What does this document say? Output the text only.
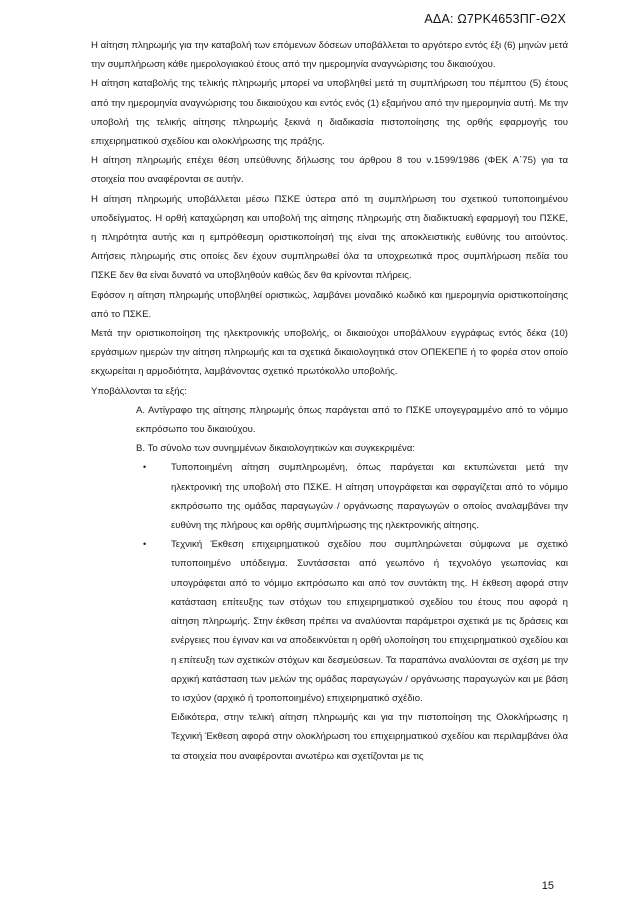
ΑΔΑ: Ω7ΡΚ4653ΠΓ-Θ2Χ

Η αίτηση πληρωμής για την καταβολή των επόμενων δόσεων υποβάλλεται το αργότερο εντός έξι (6) μηνών μετά την συμπλήρωση κάθε ημερολογιακού έτους από την ημερομηνία αναγνώρισης του δικαιούχου.

Η αίτηση καταβολής της τελικής πληρωμής μπορεί να υποβληθεί μετά τη συμπλήρωση του πέμπτου (5) έτους από την ημερομηνία αναγνώρισης του δικαιούχου και εντός ενός (1) εξαμήνου από την ημερομηνία αυτή. Με την υποβολή της τελικής αίτησης πληρωμής ξεκινά η διαδικασία πιστοποίησης της ορθής εφαρμογής του επιχειρηματικού σχεδίου και ολοκλήρωσης της πράξης.

Η αίτηση πληρωμής επέχει θέση υπεύθυνης δήλωσης του άρθρου 8 του ν.1599/1986 (ΦΕΚ Α΄75) για τα στοιχεία που αναφέρονται σε αυτήν.

Η αίτηση πληρωμής υποβάλλεται μέσω ΠΣΚΕ ύστερα από τη συμπλήρωση του σχετικού τυποποιημένου υποδείγματος. Η ορθή καταχώρηση και υποβολή της αίτησης πληρωμής στη διαδικτυακή εφαρμογή του ΠΣΚΕ, η πληρότητα αυτής και η εμπρόθεσμη οριστικοποίησή της είναι της αποκλειστικής ευθύνης του αιτούντος. Αιτήσεις πληρωμής στις οποίες δεν έχουν συμπληρωθεί όλα τα υποχρεωτικά προς συμπλήρωση πεδία του ΠΣΚΕ δεν θα είναι δυνατό να υποβληθούν καθώς δεν θα κρίνονται πλήρεις.

Εφόσον η αίτηση πληρωμής υποβληθεί οριστικώς, λαμβάνει μοναδικό κωδικό και ημερομηνία οριστικοποίησης από το ΠΣΚΕ.

Μετά την οριστικοποίηση της ηλεκτρονικής υποβολής, οι δικαιούχοι υποβάλλουν εγγράφως εντός δέκα (10) εργάσιμων ημερών την αίτηση πληρωμής και τα σχετικά δικαιολογητικά στον ΟΠΕΚΕΠΕ ή το φορέα στον οποίο εκχωρείται η αρμοδιότητα, λαμβάνοντας σχετικό πρωτόκολλο υποβολής.

Υποβάλλονται τα εξής:

Α. Αντίγραφο της αίτησης πληρωμής όπως παράγεται από το ΠΣΚΕ υπογεγραμμένο από το νόμιμο εκπρόσωπο του δικαιούχου.

Β. Το σύνολο των συνημμένων δικαιολογητικών και συγκεκριμένα:

•	Τυποποιημένη αίτηση συμπληρωμένη, όπως παράγεται και εκτυπώνεται μετά την ηλεκτρονική της υποβολή στο ΠΣΚΕ. Η αίτηση υπογράφεται και σφραγίζεται από το νόμιμο εκπρόσωπο της ομάδας παραγωγών / οργάνωσης παραγωγών ο οποίος αναλαμβάνει την ευθύνη της πλήρους και ορθής συμπλήρωσης της ηλεκτρονικής αίτησης.
•	Τεχνική Έκθεση επιχειρηματικού σχεδίου που συμπληρώνεται σύμφωνα με σχετικό τυποποιημένο υπόδειγμα. Συντάσσεται από γεωπόνο ή τεχνολόγο γεωπονίας και υπογράφεται από το νόμιμο εκπρόσωπο και από τον συντάκτη της. Η έκθεση αφορά στην κατάσταση επίτευξης των στόχων του επιχειρηματικού σχεδίου του έτους που αφορά η αίτηση πληρωμής. Στην έκθεση πρέπει να αναλύονται παράμετροι σχετικά με τις δράσεις και ενέργειες που έγιναν και να αποδεικνύεται η ορθή υλοποίηση του επιχειρηματικού σχεδίου και η επίτευξη των σχετικών στόχων και δεσμεύσεων. Τα παραπάνω αναλύονται σε σχέση με την αρχική κατάσταση των μελών της ομάδας παραγωγών / οργάνωσης παραγωγών και με βάση το ισχύον (αρχικό ή τροποποιημένο) επιχειρηματικό σχέδιο.

Ειδικότερα, στην τελική αίτηση πληρωμής και για την πιστοποίηση της Ολοκλήρωσης η Τεχνική Έκθεση αφορά στην ολοκλήρωση του επιχειρηματικού σχεδίου και περιλαμβάνει όλα τα στοιχεία που αναφέρονται ανωτέρω και σχετίζονται με τις

15
